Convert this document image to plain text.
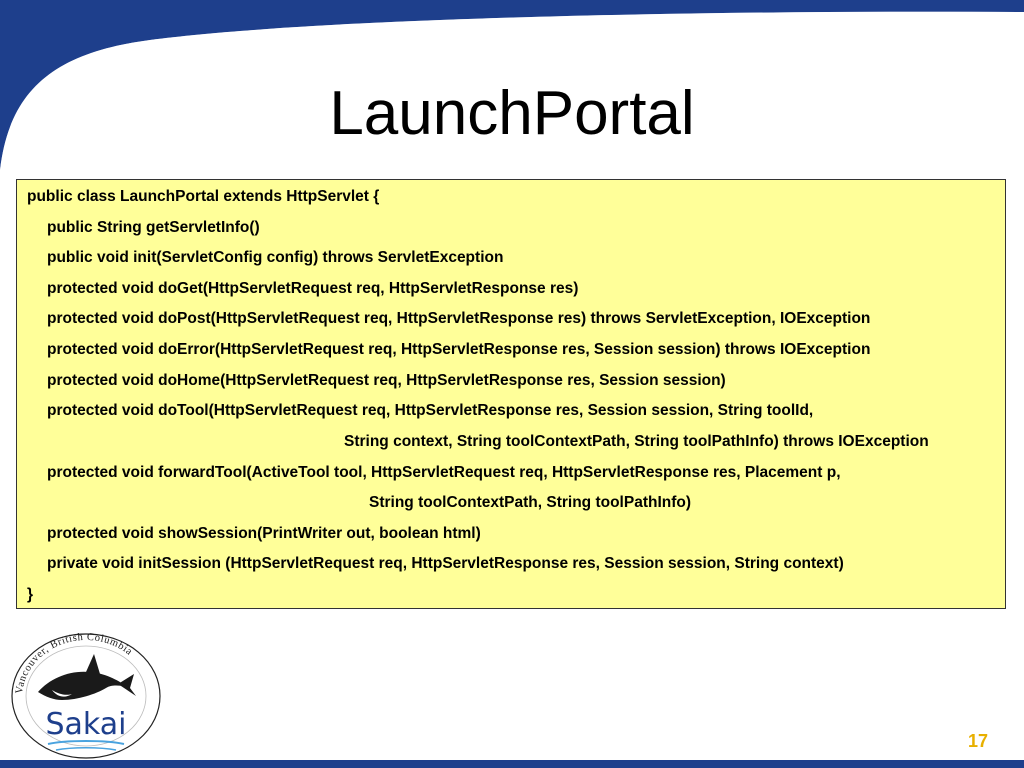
LaunchPortal
public class LaunchPortal extends HttpServlet {
public String getServletInfo()
public void init(ServletConfig config) throws ServletException
protected void doGet(HttpServletRequest req, HttpServletResponse res)
protected void doPost(HttpServletRequest req, HttpServletResponse res) throws ServletException, IOException
protected void doError(HttpServletRequest req, HttpServletResponse res, Session session) throws IOException
protected void doHome(HttpServletRequest req, HttpServletResponse res, Session session)
protected void doTool(HttpServletRequest req, HttpServletResponse res, Session session, String toolId,
String context, String toolContextPath, String toolPathInfo) throws IOException
protected void forwardTool(ActiveTool tool, HttpServletRequest req, HttpServletResponse res, Placement p,
String toolContextPath, String toolPathInfo)
protected void showSession(PrintWriter out, boolean html)
private void initSession (HttpServletRequest req, HttpServletResponse res, Session session, String context)
}
Vancouver, British Columbia
Sakai	17
